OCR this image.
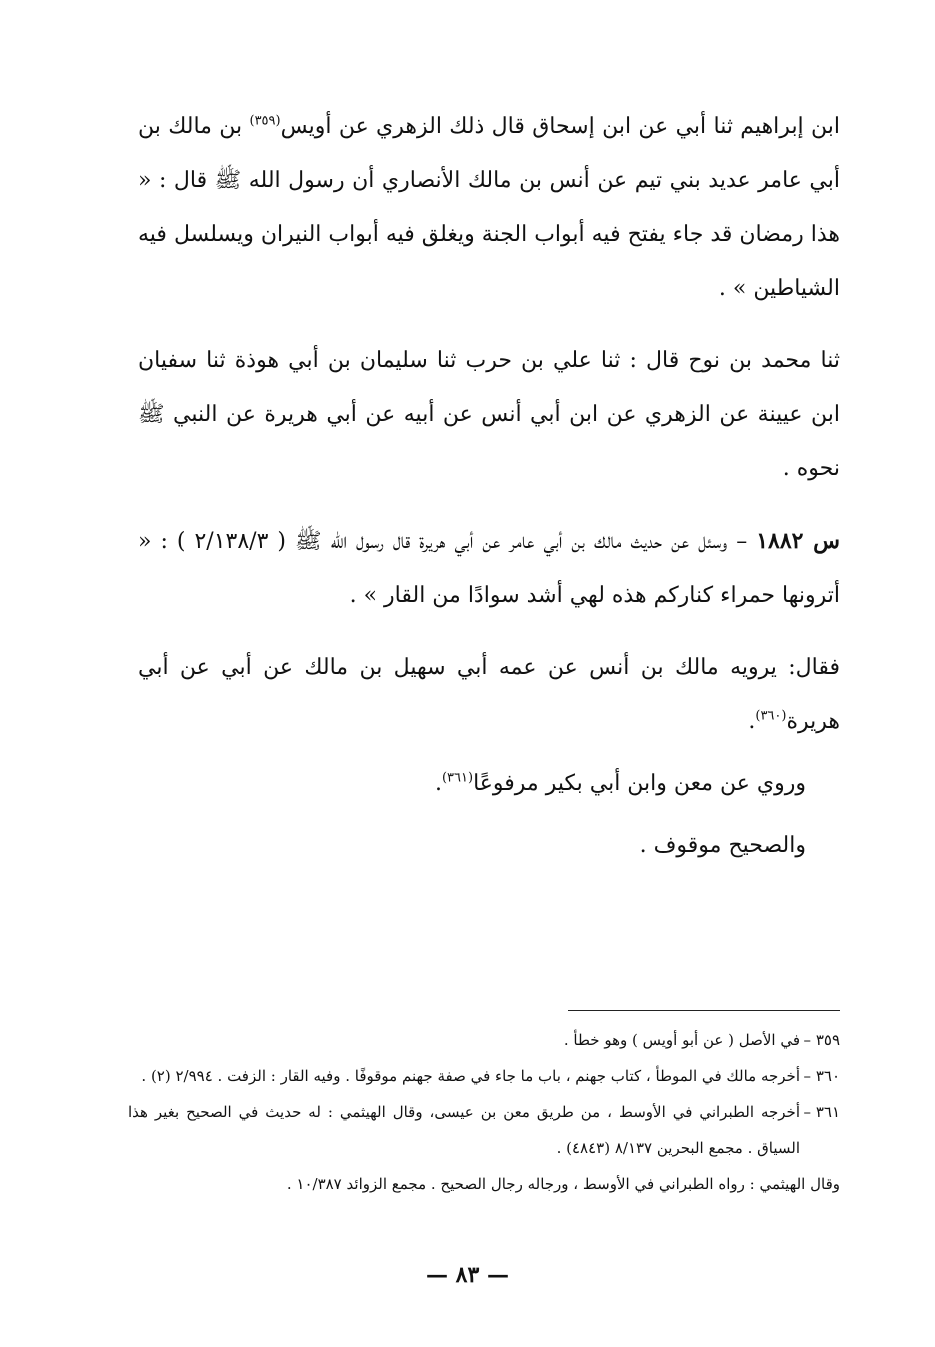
ابن إبراهيم ثنا أبي عن ابن إسحاق قال ذلك الزهري عن أويس$^{(٣٥٩)}$ بن مالك بن أبي عامر عديد بني تيم عن أنس بن مالك الأنصاري أن رسول الله ﷺ قال : « هذا رمضان قد جاء يفتح فيه أبواب الجنة ويغلق فيه أبواب النيران ويسلسل فيه الشياطين » .

ثنا محمد بن نوح قال : ثنا علي بن حرب ثنا سليمان بن أبي هوذة ثنا سفيان ابن عيينة عن الزهري عن ابن أبي أنس عن أبيه عن أبي هريرة عن النبي ﷺ نحوه .

س ١٨٨٢ – وسئل عن حديث مالك بن أبي عامر عن أبي هريرة قال رسول الله ﷺ ( ٢/١٣٨/٣ ) : « أترونها حمراء كناركم هذه لهي أشد سوادًا من القار » .

فقال: يرويه مالك بن أنس عن عمه أبي سهيل بن مالك عن أبي عن أبي هريرة$^{(٣٦٠)}$.

وروي عن معن وابن أبي بكير مرفوعًا$^{(٣٦١)}$.

والصحيح موقوف .

٣٥٩ –
في الأصل ( عن أبو أويس ) وهو خطأ .
٣٦٠ –
أخرجه مالك في الموطأ ، كتاب جهنم ، باب ما جاء في صفة جهنم موقوفًا . وفيه القار : الزفت . ٢/٩٩٤ (٢) .
٣٦١ –
أخرجه الطبراني في الأوسط ، من طريق معن بن عيسى، وقال الهيثمي : له حديث في الصحيح بغير هذا السياق . مجمع البحرين ٨/١٣٧ (٤٨٤٣) .
وقال الهيثمي : رواه الطبراني في الأوسط ، ورجاله رجال الصحيح . مجمع الزوائد ١٠/٣٨٧ .
— ٨٣ —
